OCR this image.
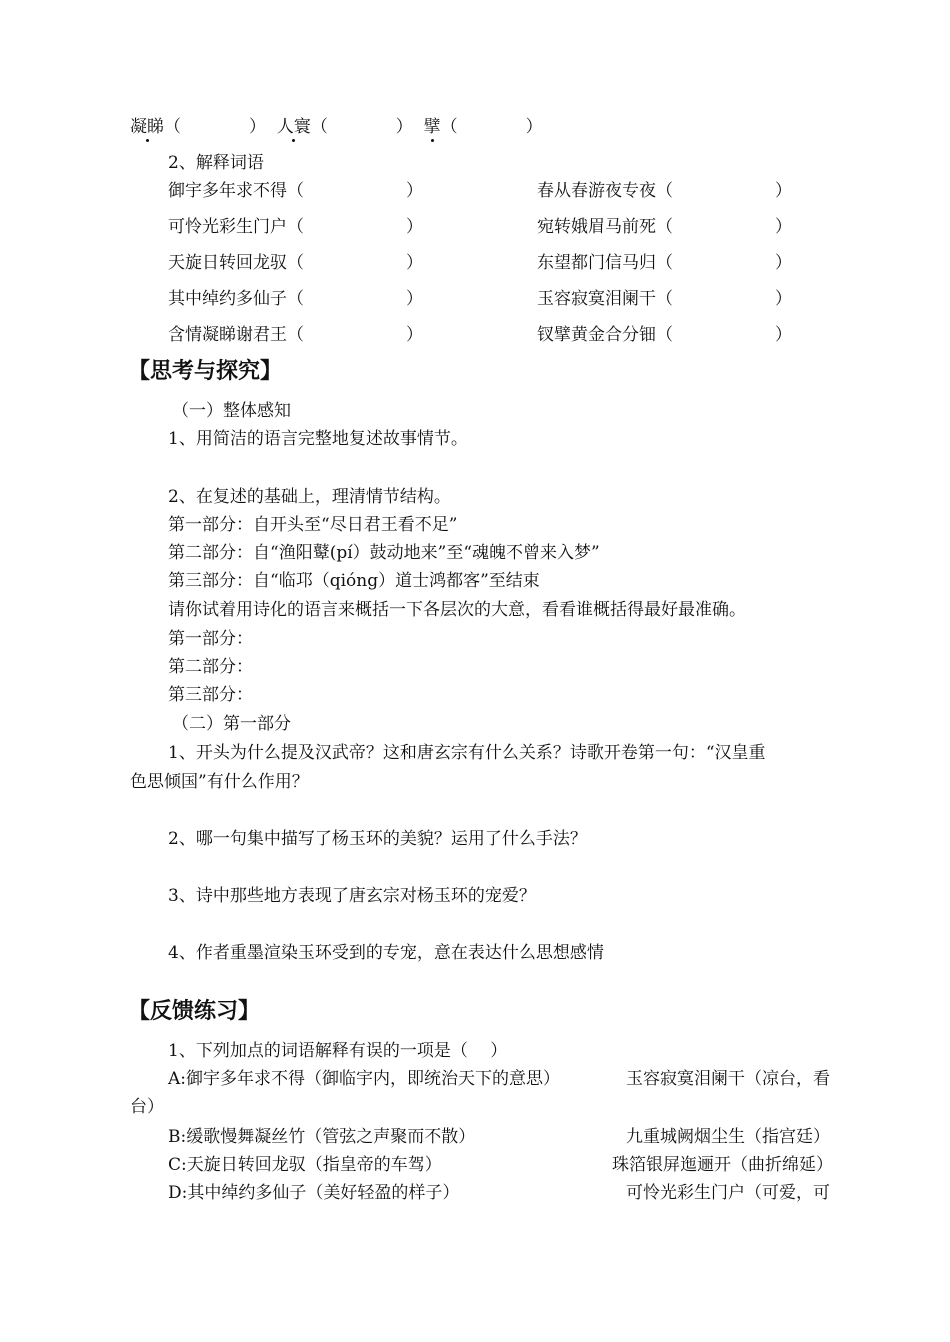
凝睇（　　　　） 人寰（　　　　） 擘（　　　　）
2、解释词语
御宇多年求不得（　　　　　　）	春从春游夜专夜（　　　　　　）
可怜光彩生门户（　　　　　　）	宛转娥眉马前死（　　　　　　）
天旋日转回龙驭（　　　　　　）	东望都门信马归（　　　　　　）
其中绰约多仙子（　　　　　　）	玉容寂寞泪阑干（　　　　　　）
含情凝睇谢君王（　　　　　　）	钗擘黄金合分钿（　　　　　　）
【思考与探究】
（一）整体感知
1、用简洁的语言完整地复述故事情节。
2、在复述的基础上，理清情节结构。
第一部分：自开头至“尽日君王看不足”
第二部分：自“渔阳鼙(pí）鼓动地来”至“魂魄不曾来入梦”
第三部分：自“临邛（qióng）道士鸿都客”至结束
请你试着用诗化的语言来概括一下各层次的大意，看看谁概括得最好最准确。
第一部分：
第二部分：
第三部分：
（二）第一部分
1、开头为什么提及汉武帝？这和唐玄宗有什么关系？诗歌开卷第一句：“汉皇重
色思倾国”有什么作用？
2、哪一句集中描写了杨玉环的美貌？运用了什么手法？
3、诗中那些地方表现了唐玄宗对杨玉环的宠爱？
4、作者重墨渲染玉环受到的专宠，意在表达什么思想感情
【反馈练习】
1、下列加点的词语解释有误的一项是（　 ）
A:御宇多年求不得（御临宇内，即统治天下的意思）	玉容寂寞泪阑干（凉台，看
台）
B:缓歌慢舞凝丝竹（管弦之声聚而不散）	九重城阙烟尘生（指宫廷）
C:天旋日转回龙驭（指皇帝的车驾）	珠箔银屏迤逦开（曲折绵延）
D:其中绰约多仙子（美好轻盈的样子）	可怜光彩生门户（可爱，可
